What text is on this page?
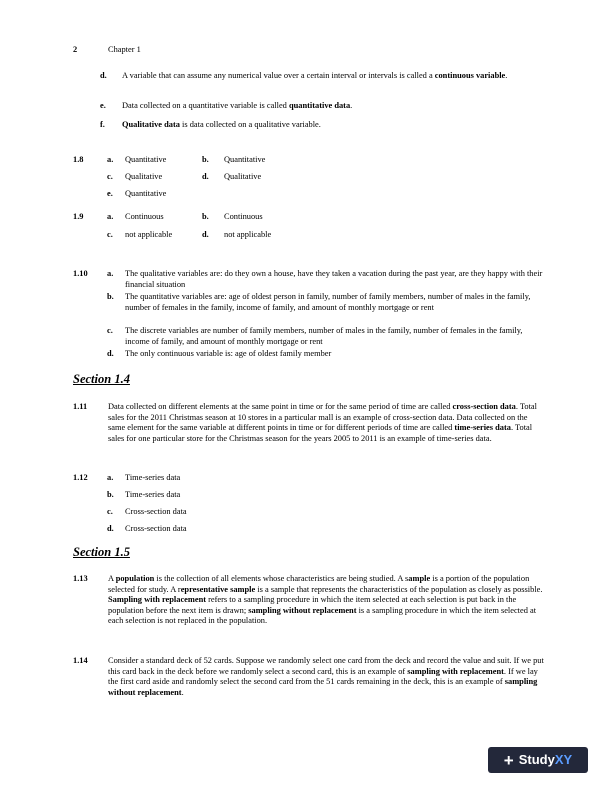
2	Chapter 1
d. A variable that can assume any numerical value over a certain interval or intervals is called a continuous variable.
e. Data collected on a quantitative variable is called quantitative data.
f. Qualitative data is data collected on a qualitative variable.
1.8	a. Quantitative	b. Quantitative
c. Qualitative	d. Qualitative
e. Quantitative
1.9	a. Continuous	b. Continuous
c. not applicable	d. not applicable
1.10 a. The qualitative variables are: do they own a house, have they taken a vacation during the past year, are they happy with their financial situation
b. The quantitative variables are: age of oldest person in family, number of family members, number of males in the family, number of females in the family, income of family, and amount of monthly mortgage or rent
c. The discrete variables are number of family members, number of males in the family, number of females in the family, income of family, and amount of monthly mortgage or rent
d. The only continuous variable is: age of oldest family member
Section 1.4
1.11 Data collected on different elements at the same point in time or for the same period of time are called cross-section data. Total sales for the 2011 Christmas season at 10 stores in a particular mall is an example of cross-section data. Data collected on the same element for the same variable at different points in time or for different periods of time are called time-series data. Total sales for one particular store for the Christmas season for the years 2005 to 2011 is an example of time-series data.
1.12 a. Time-series data
b. Time-series data
c. Cross-section data
d. Cross-section data
Section 1.5
1.13 A population is the collection of all elements whose characteristics are being studied. A sample is a portion of the population selected for study. A representative sample is a sample that represents the characteristics of the population as closely as possible. Sampling with replacement refers to a sampling procedure in which the item selected at each selection is put back in the population before the next item is drawn; sampling without replacement is a sampling procedure in which the item selected at each selection is not replaced in the population.
1.14 Consider a standard deck of 52 cards. Suppose we randomly select one card from the deck and record the value and suit. If we put this card back in the deck before we randomly select a second card, this is an example of sampling with replacement. If we lay the first card aside and randomly select the second card from the 51 cards remaining in the deck, this is an example of sampling without replacement.
+ StudyXY
